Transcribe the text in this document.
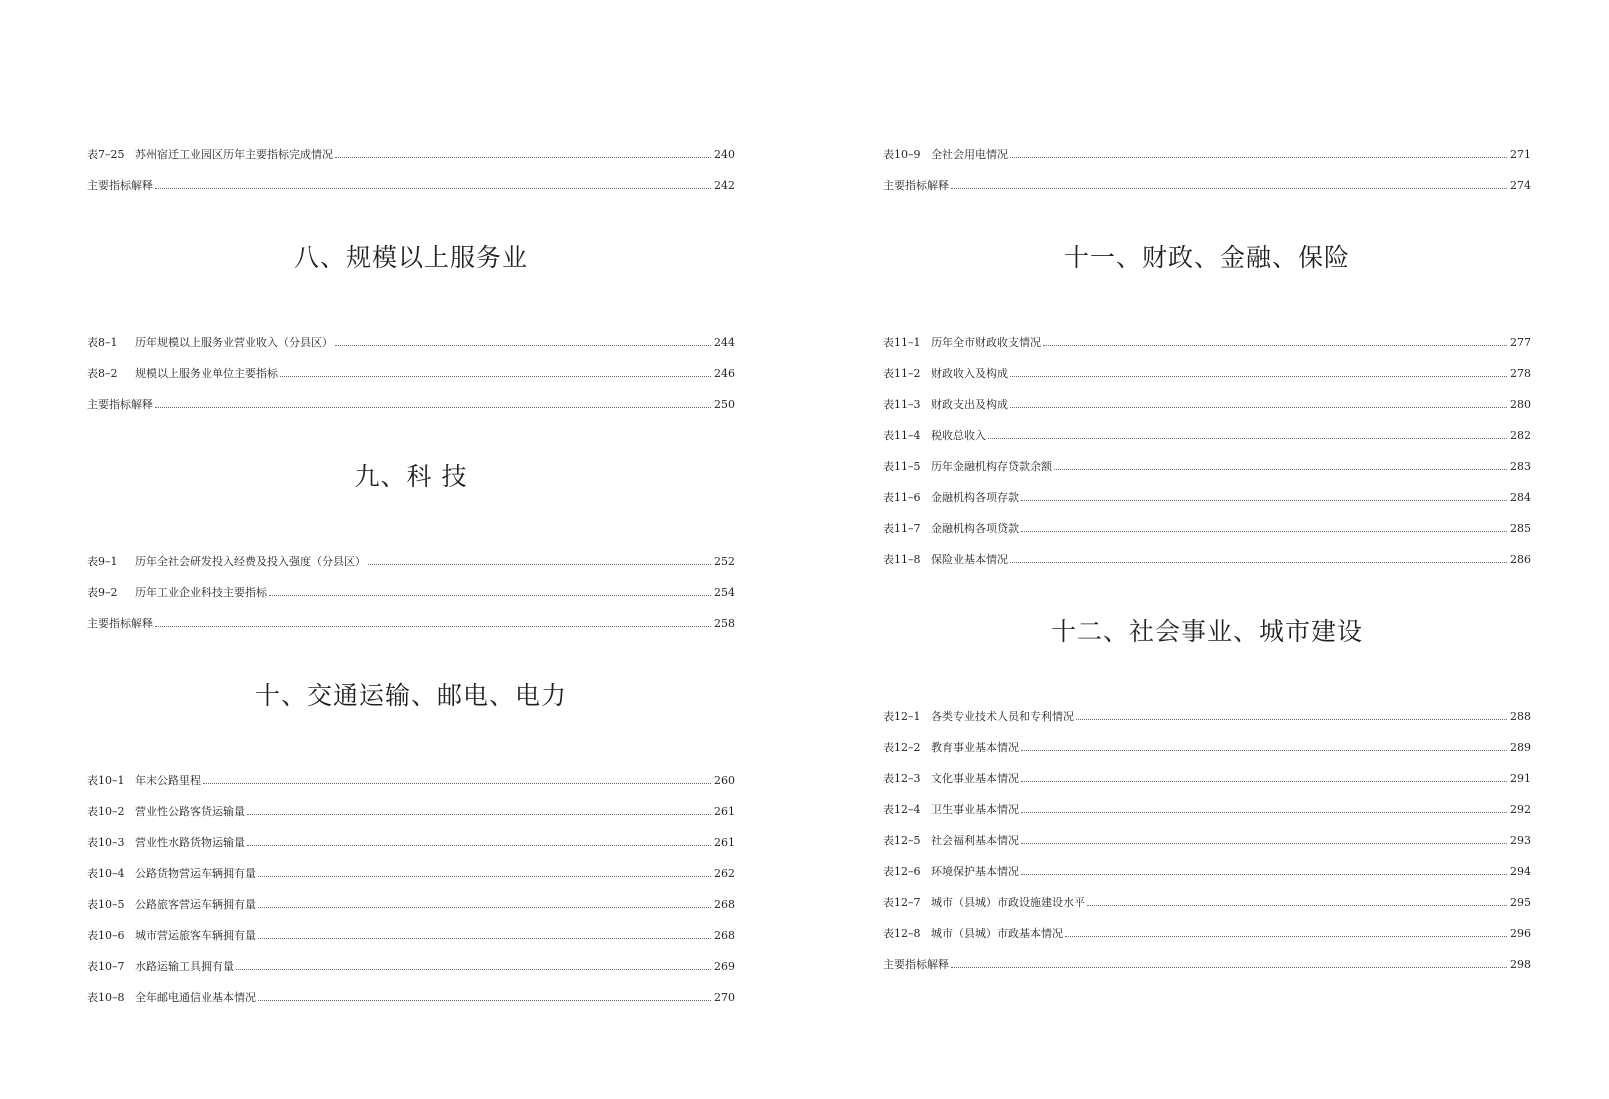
表7–25 苏州宿迁工业园区历年主要指标完成情况	240
主要指标解释	242
八、规模以上服务业
表8–1	历年规模以上服务业营业收入（分县区）	244
表8–2	规模以上服务业单位主要指标	246
主要指标解释	250
九、科 技
表9–1	历年全社会研发投入经费及投入强度（分县区）	252
表9–2	历年工业企业科技主要指标	254
主要指标解释	258
十、交通运输、邮电、电力
表10–1 年末公路里程	260
表10–2 营业性公路客货运输量	261
表10–3 营业性水路货物运输量	261
表10–4 公路货物营运车辆拥有量	262
表10–5 公路旅客营运车辆拥有量	268
表10–6 城市营运旅客车辆拥有量	268
表10–7 水路运输工具拥有量	269
表10–8 全年邮电通信业基本情况	270
表10–9 全社会用电情况	271
主要指标解释	274
十一、财政、金融、保险
表11–1 历年全市财政收支情况	277
表11–2 财政收入及构成	278
表11–3 财政支出及构成	280
表11–4 税收总收入	282
表11–5 历年金融机构存贷款余额	283
表11–6 金融机构各项存款	284
表11–7 金融机构各项贷款	285
表11–8 保险业基本情况	286
十二、社会事业、城市建设
表12–1 各类专业技术人员和专利情况	288
表12–2 教育事业基本情况	289
表12–3 文化事业基本情况	291
表12–4 卫生事业基本情况	292
表12–5 社会福利基本情况	293
表12–6 环境保护基本情况	294
表12–7 城市（县城）市政设施建设水平	295
表12–8 城市（县城）市政基本情况	296
主要指标解释	298
